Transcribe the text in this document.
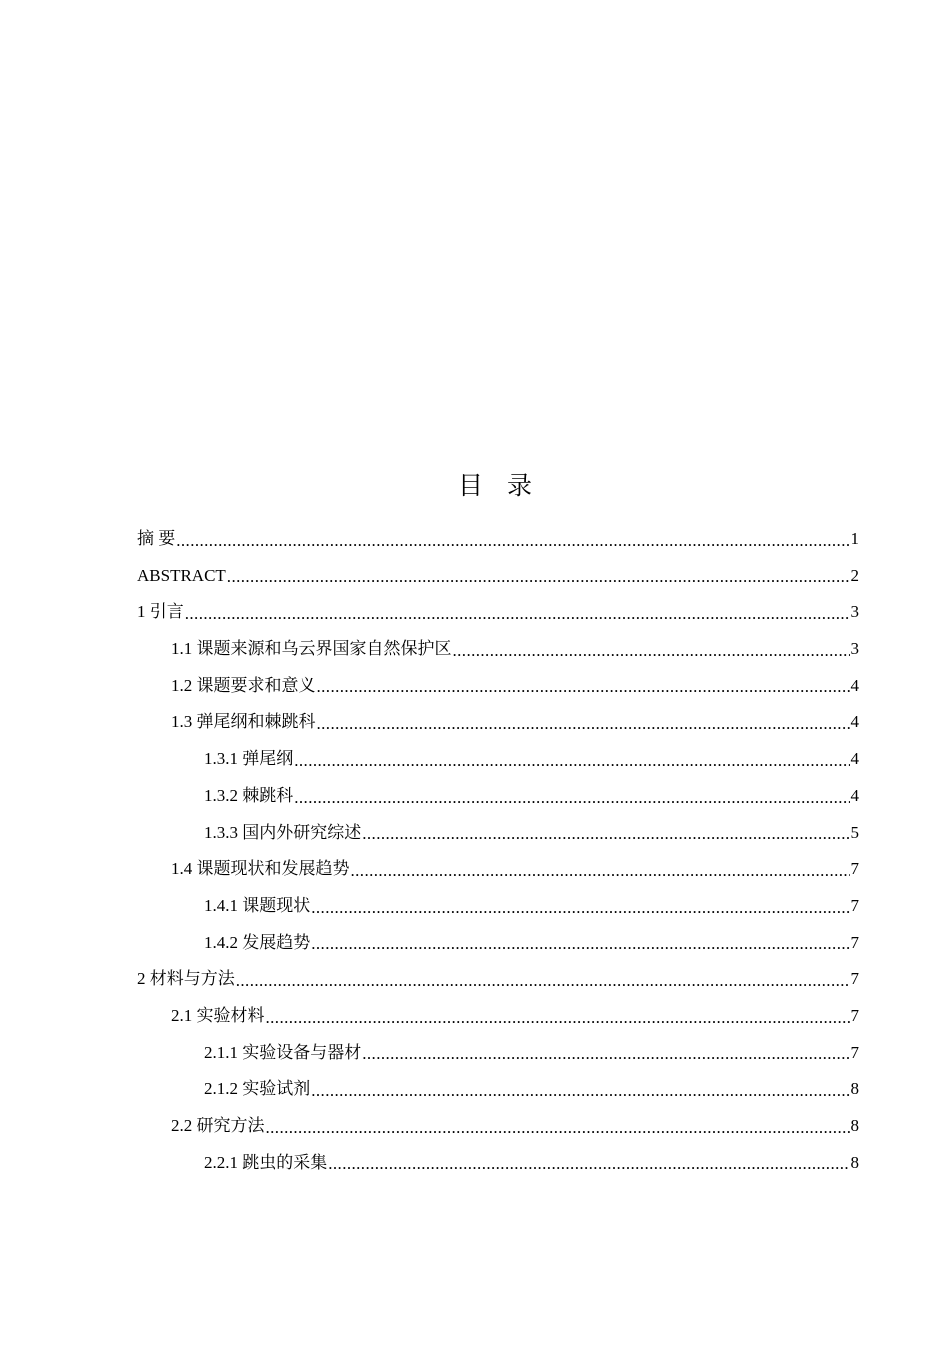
目 录
摘 要 .....	1
ABSTRACT .....	2
1 引言 .....	3
1.1 课题来源和乌云界国家自然保护区 .....	3
1.2 课题要求和意义 .....	4
1.3 弹尾纲和棘跳科 .....	4
1.3.1 弹尾纲 .....	4
1.3.2 棘跳科 .....	4
1.3.3 国内外研究综述 .....	5
1.4 课题现状和发展趋势 .....	7
1.4.1 课题现状 .....	7
1.4.2 发展趋势 .....	7
2 材料与方法 .....	7
2.1 实验材料 .....	7
2.1.1 实验设备与器材 .....	7
2.1.2 实验试剂 .....	8
2.2 研究方法 .....	8
2.2.1 跳虫的采集 .....	8
